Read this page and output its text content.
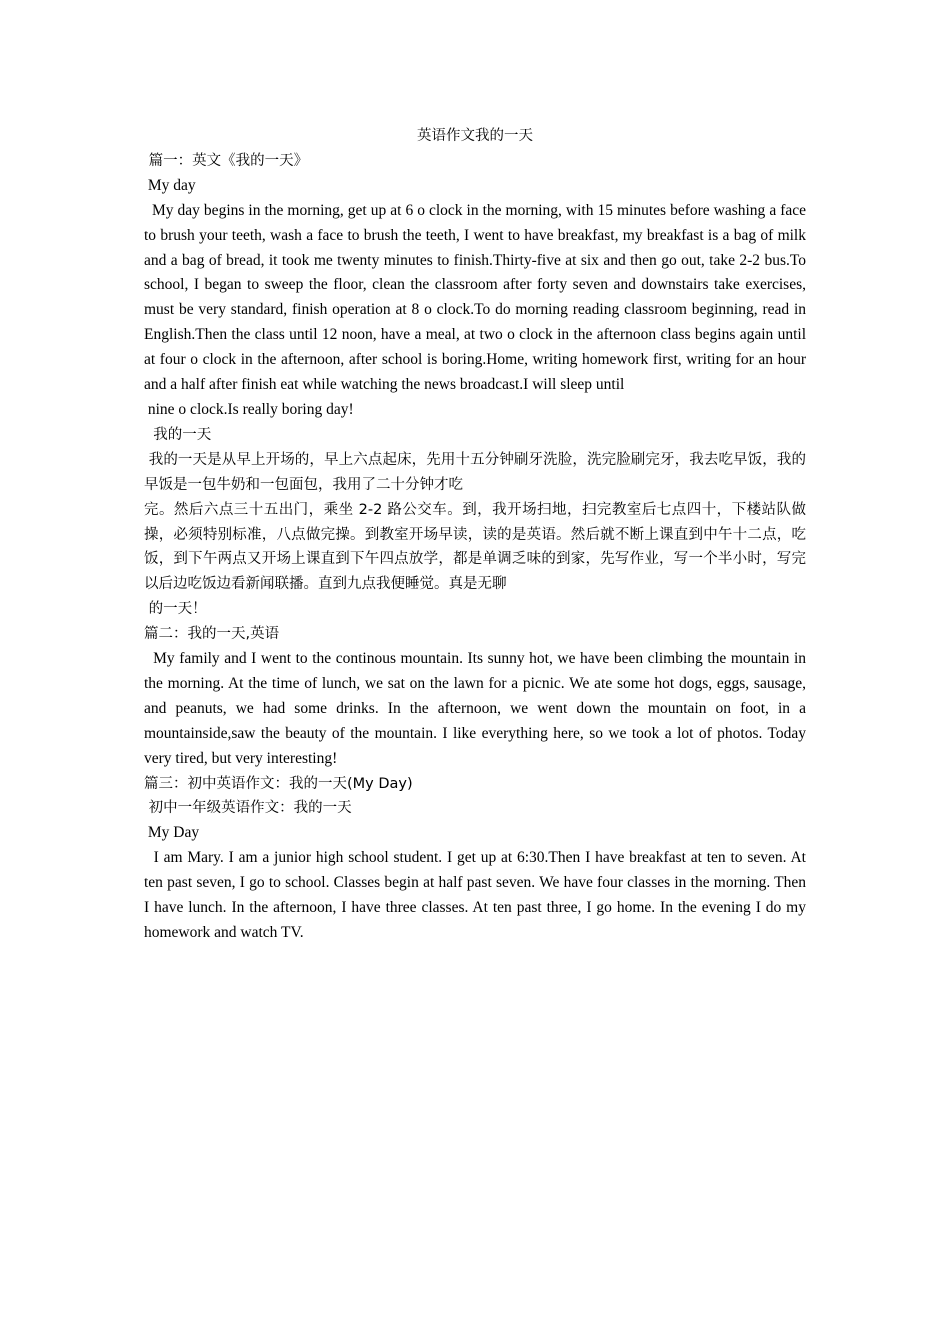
英语作文我的一天

篇一：英文《我的一天》

My day

My day begins in the morning, get up at 6 o clock in the morning, with 15 minutes before washing a face to brush your teeth, wash a face to brush the teeth, I went to have breakfast, my breakfast is a bag of milk and a bag of bread, it took me twenty minutes to finish.Thirty-five at six and then go out, take 2-2 bus.To school, I began to sweep the floor, clean the classroom after forty seven and downstairs take exercises, must be very standard, finish operation at 8 o clock.To do morning reading classroom beginning, read in English.Then the class until 12 noon, have a meal, at two o clock in the afternoon class begins again until at four o clock in the afternoon, after school is boring.Home, writing homework first, writing for an hour and a half after finish eat while watching the news broadcast.I will sleep until

nine o clock.Is really boring day!

我的一天

我的一天是从早上开场的，早上六点起床，先用十五分钟刷牙洗脸，洗完脸刷完牙，我去吃早饭，我的早饭是一包牛奶和一包面包，我用了二十分钟才吃

完。然后六点三十五出门，乘坐 2-2 路公交车。到，我开场扫地，扫完教室后七点四十，下楼站队做操，必须特别标准，八点做完操。到教室开场早读，读的是英语。然后就不断上课直到中午十二点，吃饭，到下午两点又开场上课直到下午四点放学，都是单调乏味的到家，先写作业，写一个半小时，写完以后边吃饭边看新闻联播。直到九点我便睡觉。真是无聊

的一天！

篇二：我的一天,英语

My family and I went to the continous mountain. Its sunny hot, we have been climbing the mountain in the morning. At the time of lunch, we sat on the lawn for a picnic. We ate some hot dogs, eggs, sausage, and peanuts, we had some drinks. In the afternoon, we went down the mountain on foot, in a mountainside,saw the beauty of the mountain. I like everything here, so we took a lot of photos. Today very tired, but very interesting!

篇三：初中英语作文：我的一天(My Day)

初中一年级英语作文：我的一天

My Day

I am Mary. I am a junior high school student. I get up at 6:30.Then I have breakfast at ten to seven. At ten past seven, I go to school. Classes begin at half past seven. We have four classes in the morning. Then I have lunch. In the afternoon, I have three classes. At ten past three, I go home. In the evening I do my homework and watch TV.
